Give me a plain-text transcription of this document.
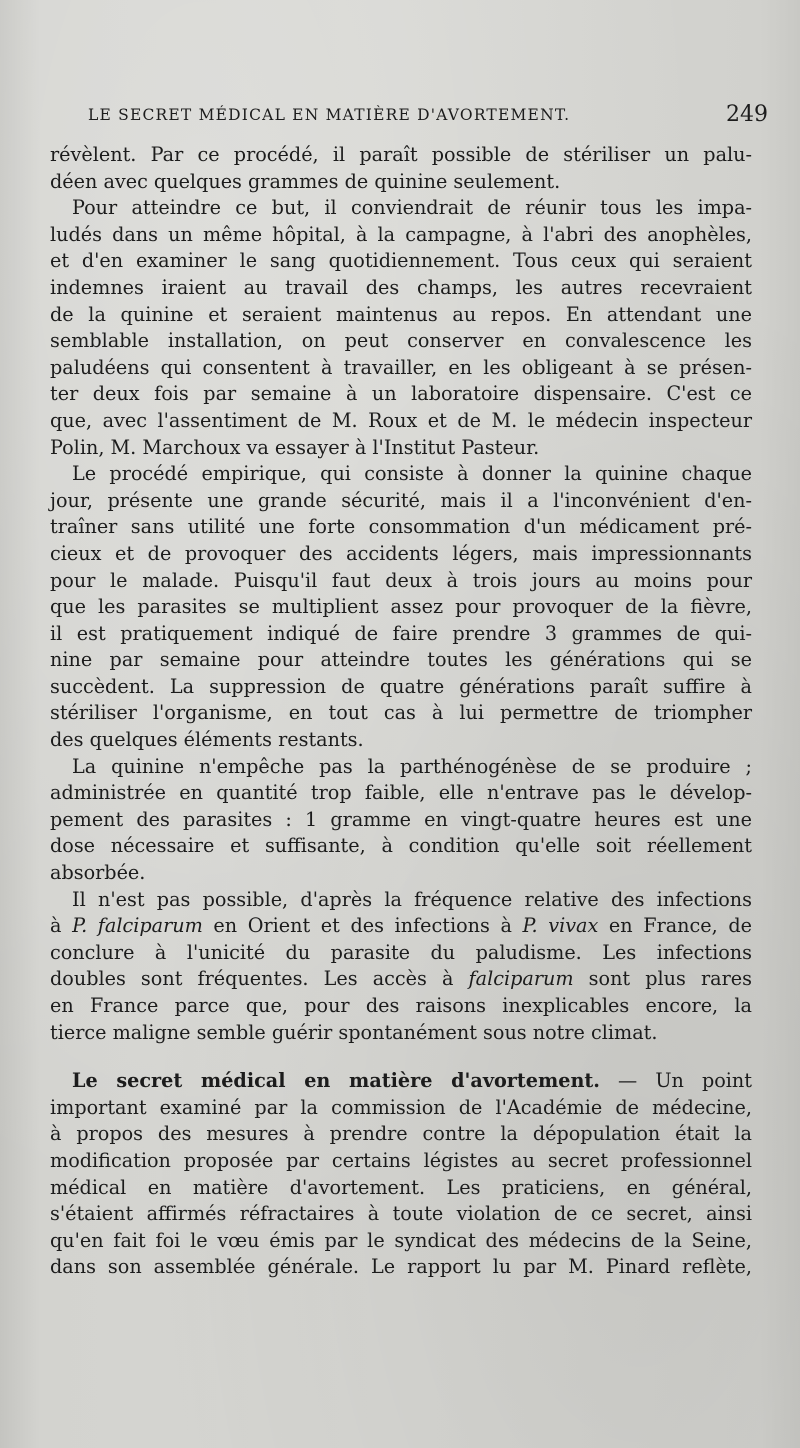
LE SECRET MÉDICAL EN MATIÈRE D'AVORTEMENT.	249
révèlent. Par ce procédé, il paraît possible de stériliser un palu-
déen avec quelques grammes de quinine seulement.
Pour atteindre ce but, il conviendrait de réunir tous les impa-
ludés dans un même hôpital, à la campagne, à l'abri des anophèles,
et d'en examiner le sang quotidiennement. Tous ceux qui seraient
indemnes iraient au travail des champs, les autres recevraient
de la quinine et seraient maintenus au repos. En attendant une
semblable installation, on peut conserver en convalescence les
paludéens qui consentent à travailler, en les obligeant à se présen-
ter deux fois par semaine à un laboratoire dispensaire. C'est ce
que, avec l'assentiment de M. Roux et de M. le médecin inspecteur
Polin, M. Marchoux va essayer à l'Institut Pasteur.
Le procédé empirique, qui consiste à donner la quinine chaque
jour, présente une grande sécurité, mais il a l'inconvénient d'en-
traîner sans utilité une forte consommation d'un médicament pré-
cieux et de provoquer des accidents légers, mais impressionnants
pour le malade. Puisqu'il faut deux à trois jours au moins pour
que les parasites se multiplient assez pour provoquer de la fièvre,
il est pratiquement indiqué de faire prendre 3 grammes de qui-
nine par semaine pour atteindre toutes les générations qui se
succèdent. La suppression de quatre générations paraît suffire à
stériliser l'organisme, en tout cas à lui permettre de triompher
des quelques éléments restants.
La quinine n'empêche pas la parthénogénèse de se produire ;
administrée en quantité trop faible, elle n'entrave pas le dévelop-
pement des parasites : 1 gramme en vingt-quatre heures est une
dose nécessaire et suffisante, à condition qu'elle soit réellement
absorbée.
Il n'est pas possible, d'après la fréquence relative des infections
à P. falciparum en Orient et des infections à P. vivax en France, de
conclure à l'unicité du parasite du paludisme. Les infections
doubles sont fréquentes. Les accès à falciparum sont plus rares
en France parce que, pour des raisons inexplicables encore, la
tierce maligne semble guérir spontanément sous notre climat.
Le secret médical en matière d'avortement. — Un point
important examiné par la commission de l'Académie de médecine,
à propos des mesures à prendre contre la dépopulation était la
modification proposée par certains légistes au secret professionnel
médical en matière d'avortement. Les praticiens, en général,
s'étaient affirmés réfractaires à toute violation de ce secret, ainsi
qu'en fait foi le vœu émis par le syndicat des médecins de la Seine,
dans son assemblée générale. Le rapport lu par M. Pinard reflète,
